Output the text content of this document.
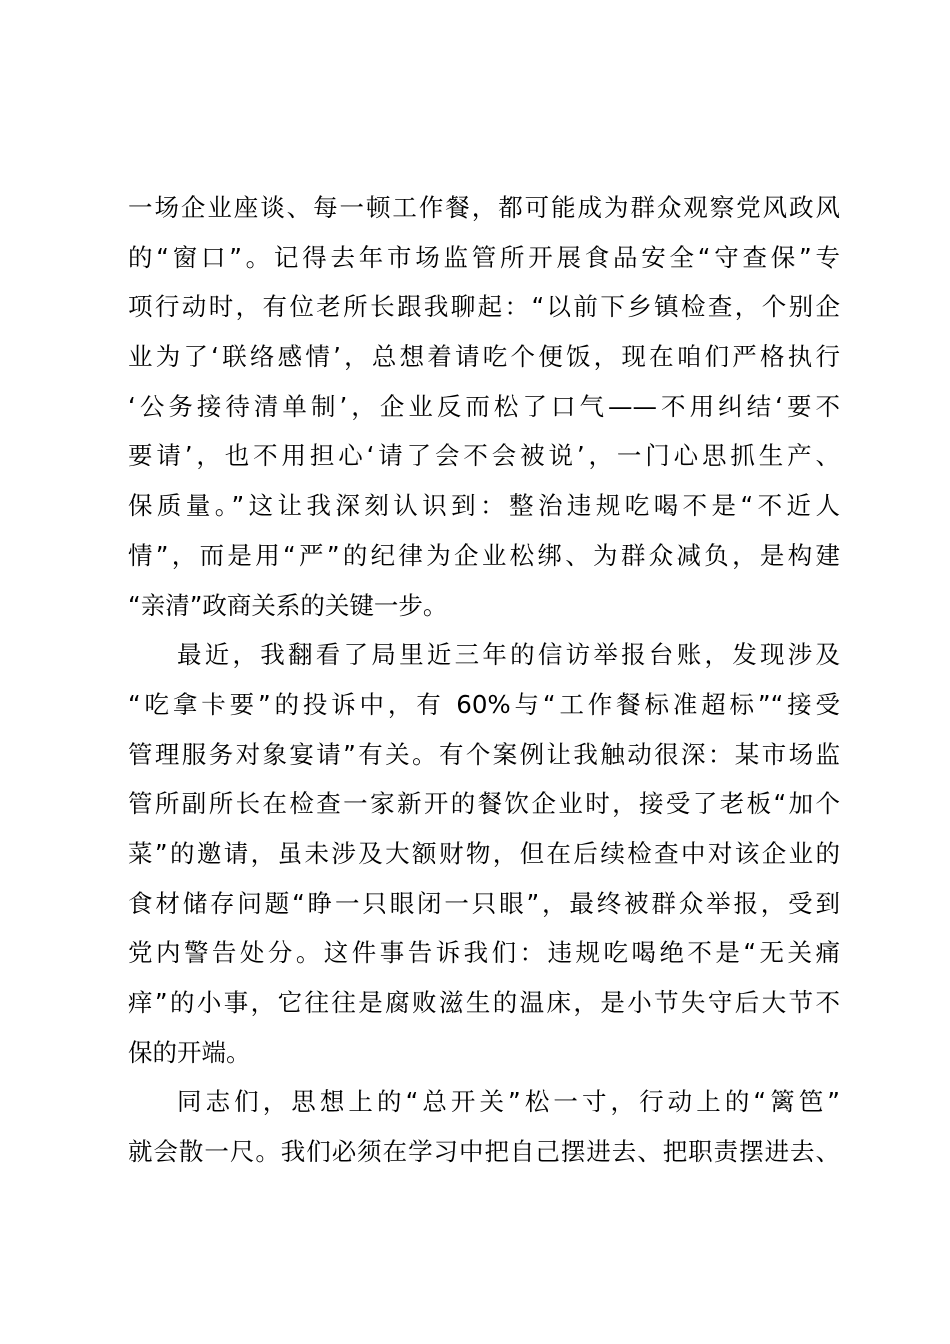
一场企业座谈、每一顿工作餐，都可能成为群众观察党风政风
的“窗口”。记得去年市场监管所开展食品安全“守查保”专
项行动时，有位老所长跟我聊起：“以前下乡镇检查，个别企
业为了‘联络感情’，总想着请吃个便饭，现在咱们严格执行
‘公务接待清单制’，企业反而松了口气——不用纠结‘要不
要请’，也不用担心‘请了会不会被说’，一门心思抓生产、
保质量。”这让我深刻认识到：整治违规吃喝不是“不近人
情”，而是用“严”的纪律为企业松绑、为群众减负，是构建
“亲清”政商关系的关键一步。
最近，我翻看了局里近三年的信访举报台账，发现涉及
“吃拿卡要”的投诉中，有 60%与“工作餐标准超标”“接受
管理服务对象宴请”有关。有个案例让我触动很深：某市场监
管所副所长在检查一家新开的餐饮企业时，接受了老板“加个
菜”的邀请，虽未涉及大额财物，但在后续检查中对该企业的
食材储存问题“睁一只眼闭一只眼”，最终被群众举报，受到
党内警告处分。这件事告诉我们：违规吃喝绝不是“无关痛
痒”的小事，它往往是腐败滋生的温床，是小节失守后大节不
保的开端。
同志们，思想上的“总开关”松一寸，行动上的“篱笆”
就会散一尺。我们必须在学习中把自己摆进去、把职责摆进去、
